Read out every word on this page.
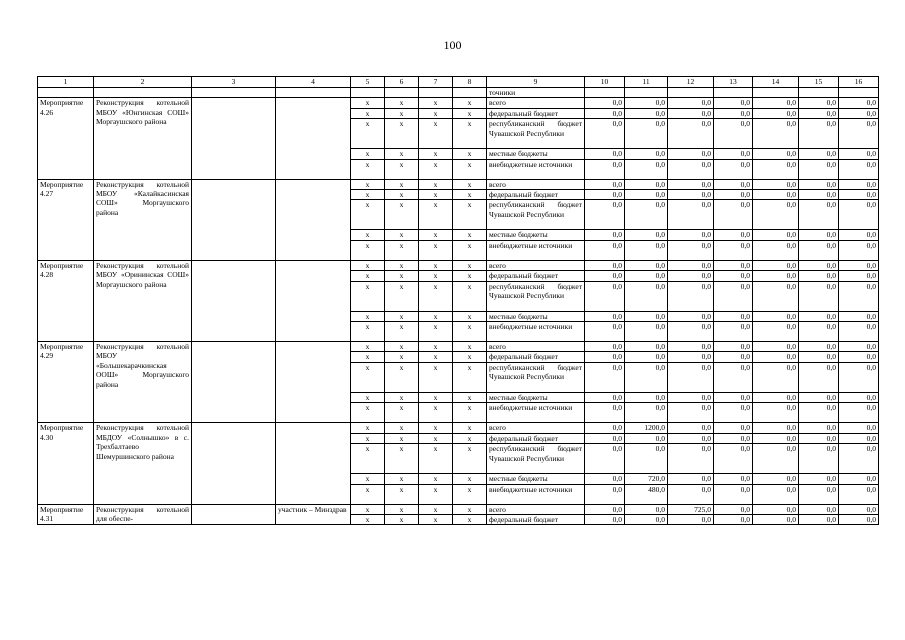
100
1	2	3	4	5	6	7	8	9	10	11	12	13	14	15	16
								точники							
Мероприятие 4.26	Реконструкция котельной МБОУ «Юнгинская СОШ» Моргаушского района			х	х	х	х	всего	0,0	0,0	0,0	0,0	0,0	0,0	0,0
				х	х	х	х	федеральный бюджет	0,0	0,0	0,0	0,0	0,0	0,0	0,0
				х	х	х	х	республиканский бюджет Чувашской Республики	0,0	0,0	0,0	0,0	0,0	0,0	0,0
				х	х	х	х	местные бюджеты	0,0	0,0	0,0	0,0	0,0	0,0	0,0
				х	х	х	х	внебюджетные источники	0,0	0,0	0,0	0,0	0,0	0,0	0,0
Мероприятие 4.27	Реконструкция котельной МБОУ «Калайкасинская СОШ» Моргаушского района			х	х	х	х	всего	0,0	0,0	0,0	0,0	0,0	0,0	0,0
				х	х	х	х	федеральный бюджет	0,0	0,0	0,0	0,0	0,0	0,0	0,0
				х	х	х	х	республиканский бюджет Чувашской Республики	0,0	0,0	0,0	0,0	0,0	0,0	0,0
				х	х	х	х	местные бюджеты	0,0	0,0	0,0	0,0	0,0	0,0	0,0
				х	х	х	х	внебюджетные источники	0,0	0,0	0,0	0,0	0,0	0,0	0,0
Мероприятие 4.28	Реконструкция котельной МБОУ «Орининская СОШ» Моргаушского района			х	х	х	х	всего	0,0	0,0	0,0	0,0	0,0	0,0	0,0
				х	х	х	х	федеральный бюджет	0,0	0,0	0,0	0,0	0,0	0,0	0,0
				х	х	х	х	республиканский бюджет Чувашской Республики	0,0	0,0	0,0	0,0	0,0	0,0	0,0
				х	х	х	х	местные бюджеты	0,0	0,0	0,0	0,0	0,0	0,0	0,0
				х	х	х	х	внебюджетные источники	0,0	0,0	0,0	0,0	0,0	0,0	0,0
Мероприятие 4.29	Реконструкция котельной МБОУ «Большекарачкинская ООШ» Моргаушского района			х	х	х	х	всего	0,0	0,0	0,0	0,0	0,0	0,0	0,0
				х	х	х	х	федеральный бюджет	0,0	0,0	0,0	0,0	0,0	0,0	0,0
				х	х	х	х	республиканский бюджет Чувашской Республики	0,0	0,0	0,0	0,0	0,0	0,0	0,0
				х	х	х	х	местные бюджеты	0,0	0,0	0,0	0,0	0,0	0,0	0,0
				х	х	х	х	внебюджетные источники	0,0	0,0	0,0	0,0	0,0	0,0	0,0
Мероприятие 4.30	Реконструкция котельной МБДОУ «Солнышко» в с. Трехбалтаево Шемуршинского района			х	х	х	х	всего	0,0	1200,0	0,0	0,0	0,0	0,0	0,0
				х	х	х	х	федеральный бюджет	0,0	0,0	0,0	0,0	0,0	0,0	0,0
				х	х	х	х	республиканский бюджет Чувашской Республики	0,0	0,0	0,0	0,0	0,0	0,0	0,0
				х	х	х	х	местные бюджеты	0,0	720,0	0,0	0,0	0,0	0,0	0,0
				х	х	х	х	внебюджетные источники	0,0	480,0	0,0	0,0	0,0	0,0	0,0
Мероприятие 4.31	Реконструкция котельной для обеспе-		участник – Минздрав	х	х	х	х	всего	0,0	0,0	725,0	0,0	0,0	0,0	0,0
				х	х	х	х	федеральный бюджет	0,0	0,0	0,0	0,0	0,0	0,0	0,0
